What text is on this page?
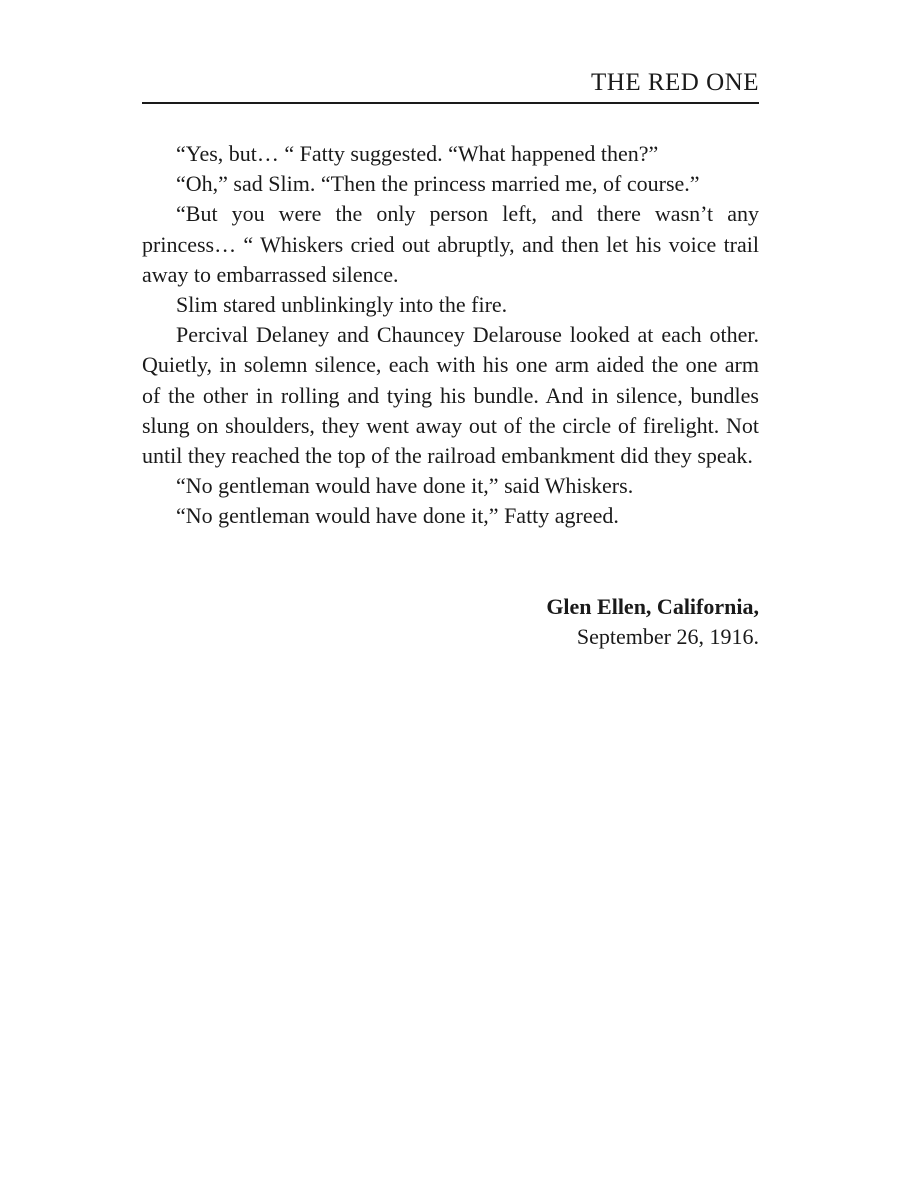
THE RED ONE

“Yes, but… “ Fatty suggested. “What happened then?”

“Oh,” sad Slim. “Then the princess married me, of course.”

“But you were the only person left, and there wasn’t any princess… “ Whiskers cried out abruptly, and then let his voice trail away to embarrassed silence.

Slim stared unblinkingly into the fire.

Percival Delaney and Chauncey Delarouse looked at each other. Quietly, in solemn silence, each with his one arm aided the one arm of the other in rolling and tying his bundle. And in silence, bundles slung on shoulders, they went away out of the circle of firelight. Not until they reached the top of the railroad embankment did they speak.

“No gentleman would have done it,” said Whiskers.

“No gentleman would have done it,” Fatty agreed.

Glen Ellen, California,
September 26, 1916.
